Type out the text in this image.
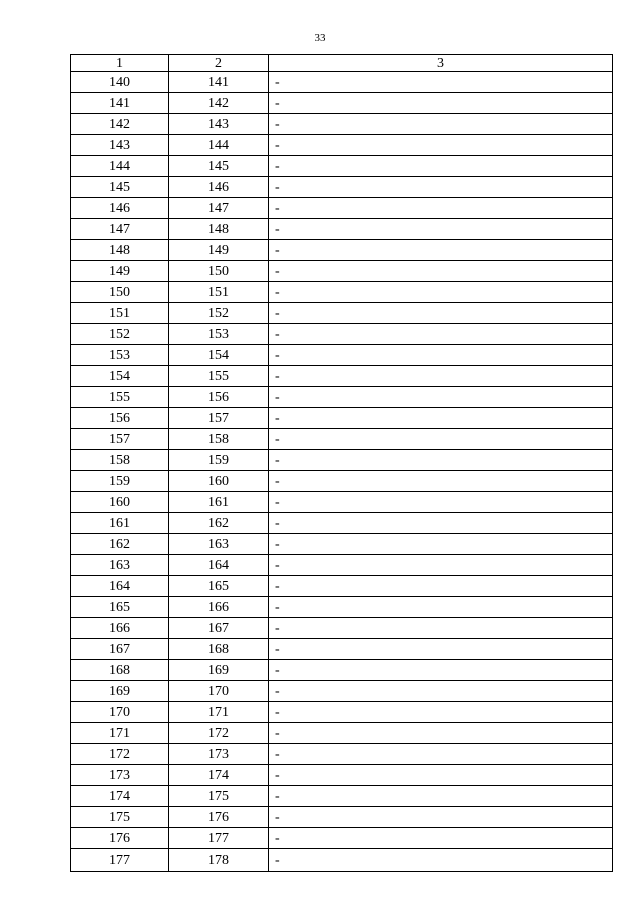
33
1	2	3
140	141	-
141	142	-
142	143	-
143	144	-
144	145	-
145	146	-
146	147	-
147	148	-
148	149	-
149	150	-
150	151	-
151	152	-
152	153	-
153	154	-
154	155	-
155	156	-
156	157	-
157	158	-
158	159	-
159	160	-
160	161	-
161	162	-
162	163	-
163	164	-
164	165	-
165	166	-
166	167	-
167	168	-
168	169	-
169	170	-
170	171	-
171	172	-
172	173	-
173	174	-
174	175	-
175	176	-
176	177	-
177	178	-
